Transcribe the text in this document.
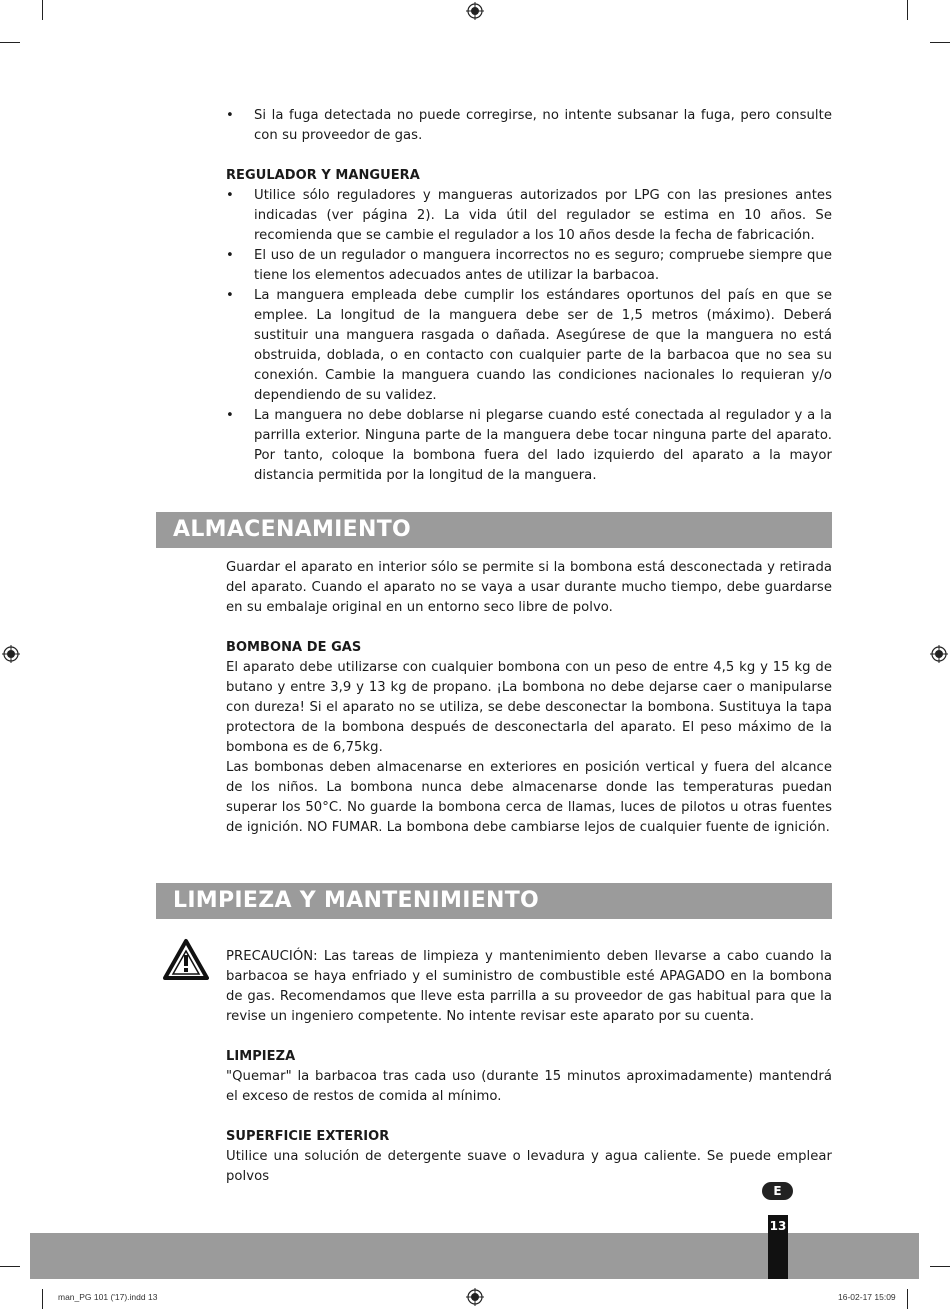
• Si la fuga detectada no puede corregirse, no intente subsanar la fuga, pero consulte con su proveedor de gas.
REGULADOR Y MANGUERA
• Utilice sólo reguladores y mangueras autorizados por LPG con las presiones antes indicadas (ver página 2). La vida útil del regulador se estima en 10 años. Se recomienda que se cambie el regulador a los 10 años desde la fecha de fabricación.
• El uso de un regulador o manguera incorrectos no es seguro; compruebe siempre que tiene los elementos adecuados antes de utilizar la barbacoa.
• La manguera empleada debe cumplir los estándares oportunos del país en que se emplee. La longitud de la manguera debe ser de 1,5 metros (máximo). Deberá sustituir una manguera rasgada o dañada. Asegúrese de que la manguera no está obstruida, doblada, o en contacto con cualquier parte de la barbacoa que no sea su conexión. Cambie la manguera cuando las condiciones nacionales lo requieran y/o dependiendo de su validez.
• La manguera no debe doblarse ni plegarse cuando esté conectada al regulador y a la parrilla exterior. Ninguna parte de la manguera debe tocar ninguna parte del aparato. Por tanto, coloque la bombona fuera del lado izquierdo del aparato a la mayor distancia permitida por la longitud de la manguera.
ALMACENAMIENTO

Guardar el aparato en interior sólo se permite si la bombona está desconectada y retirada del aparato. Cuando el aparato no se vaya a usar durante mucho tiempo, debe guardarse en su embalaje original en un entorno seco libre de polvo.

BOMBONA DE GAS

El aparato debe utilizarse con cualquier bombona con un peso de entre 4,5 kg y 15 kg de butano y entre 3,9 y 13 kg de propano. ¡La bombona no debe dejarse caer o manipularse con dureza! Si el aparato no se utiliza, se debe desconectar la bombona. Sustituya la tapa protectora de la bombona después de desconectarla del aparato. El peso máximo de la bombona es de 6,75kg.

Las bombonas deben almacenarse en exteriores en posición vertical y fuera del alcance de los niños. La bombona nunca debe almacenarse donde las temperaturas puedan superar los 50°C. No guarde la bombona cerca de llamas, luces de pilotos u otras fuentes de ignición. NO FUMAR. La bombona debe cambiarse lejos de cualquier fuente de ignición.

LIMPIEZA Y MANTENIMIENTO

PRECAUCIÓN: Las tareas de limpieza y mantenimiento deben llevarse a cabo cuando la barbacoa se haya enfriado y el suministro de combustible esté APAGADO en la bombona de gas. Recomendamos que lleve esta parrilla a su proveedor de gas habitual para que la revise un ingeniero competente. No intente revisar este aparato por su cuenta.

LIMPIEZA

"Quemar" la barbacoa tras cada uso (durante 15 minutos aproximadamente) mantendrá el exceso de restos de comida al mínimo.

SUPERFICIE EXTERIOR

Utilice una solución de detergente suave o levadura y agua caliente. Se puede emplear polvos

E
13
man_PG 101 ('17).indd 13	16-02-17 15:09
